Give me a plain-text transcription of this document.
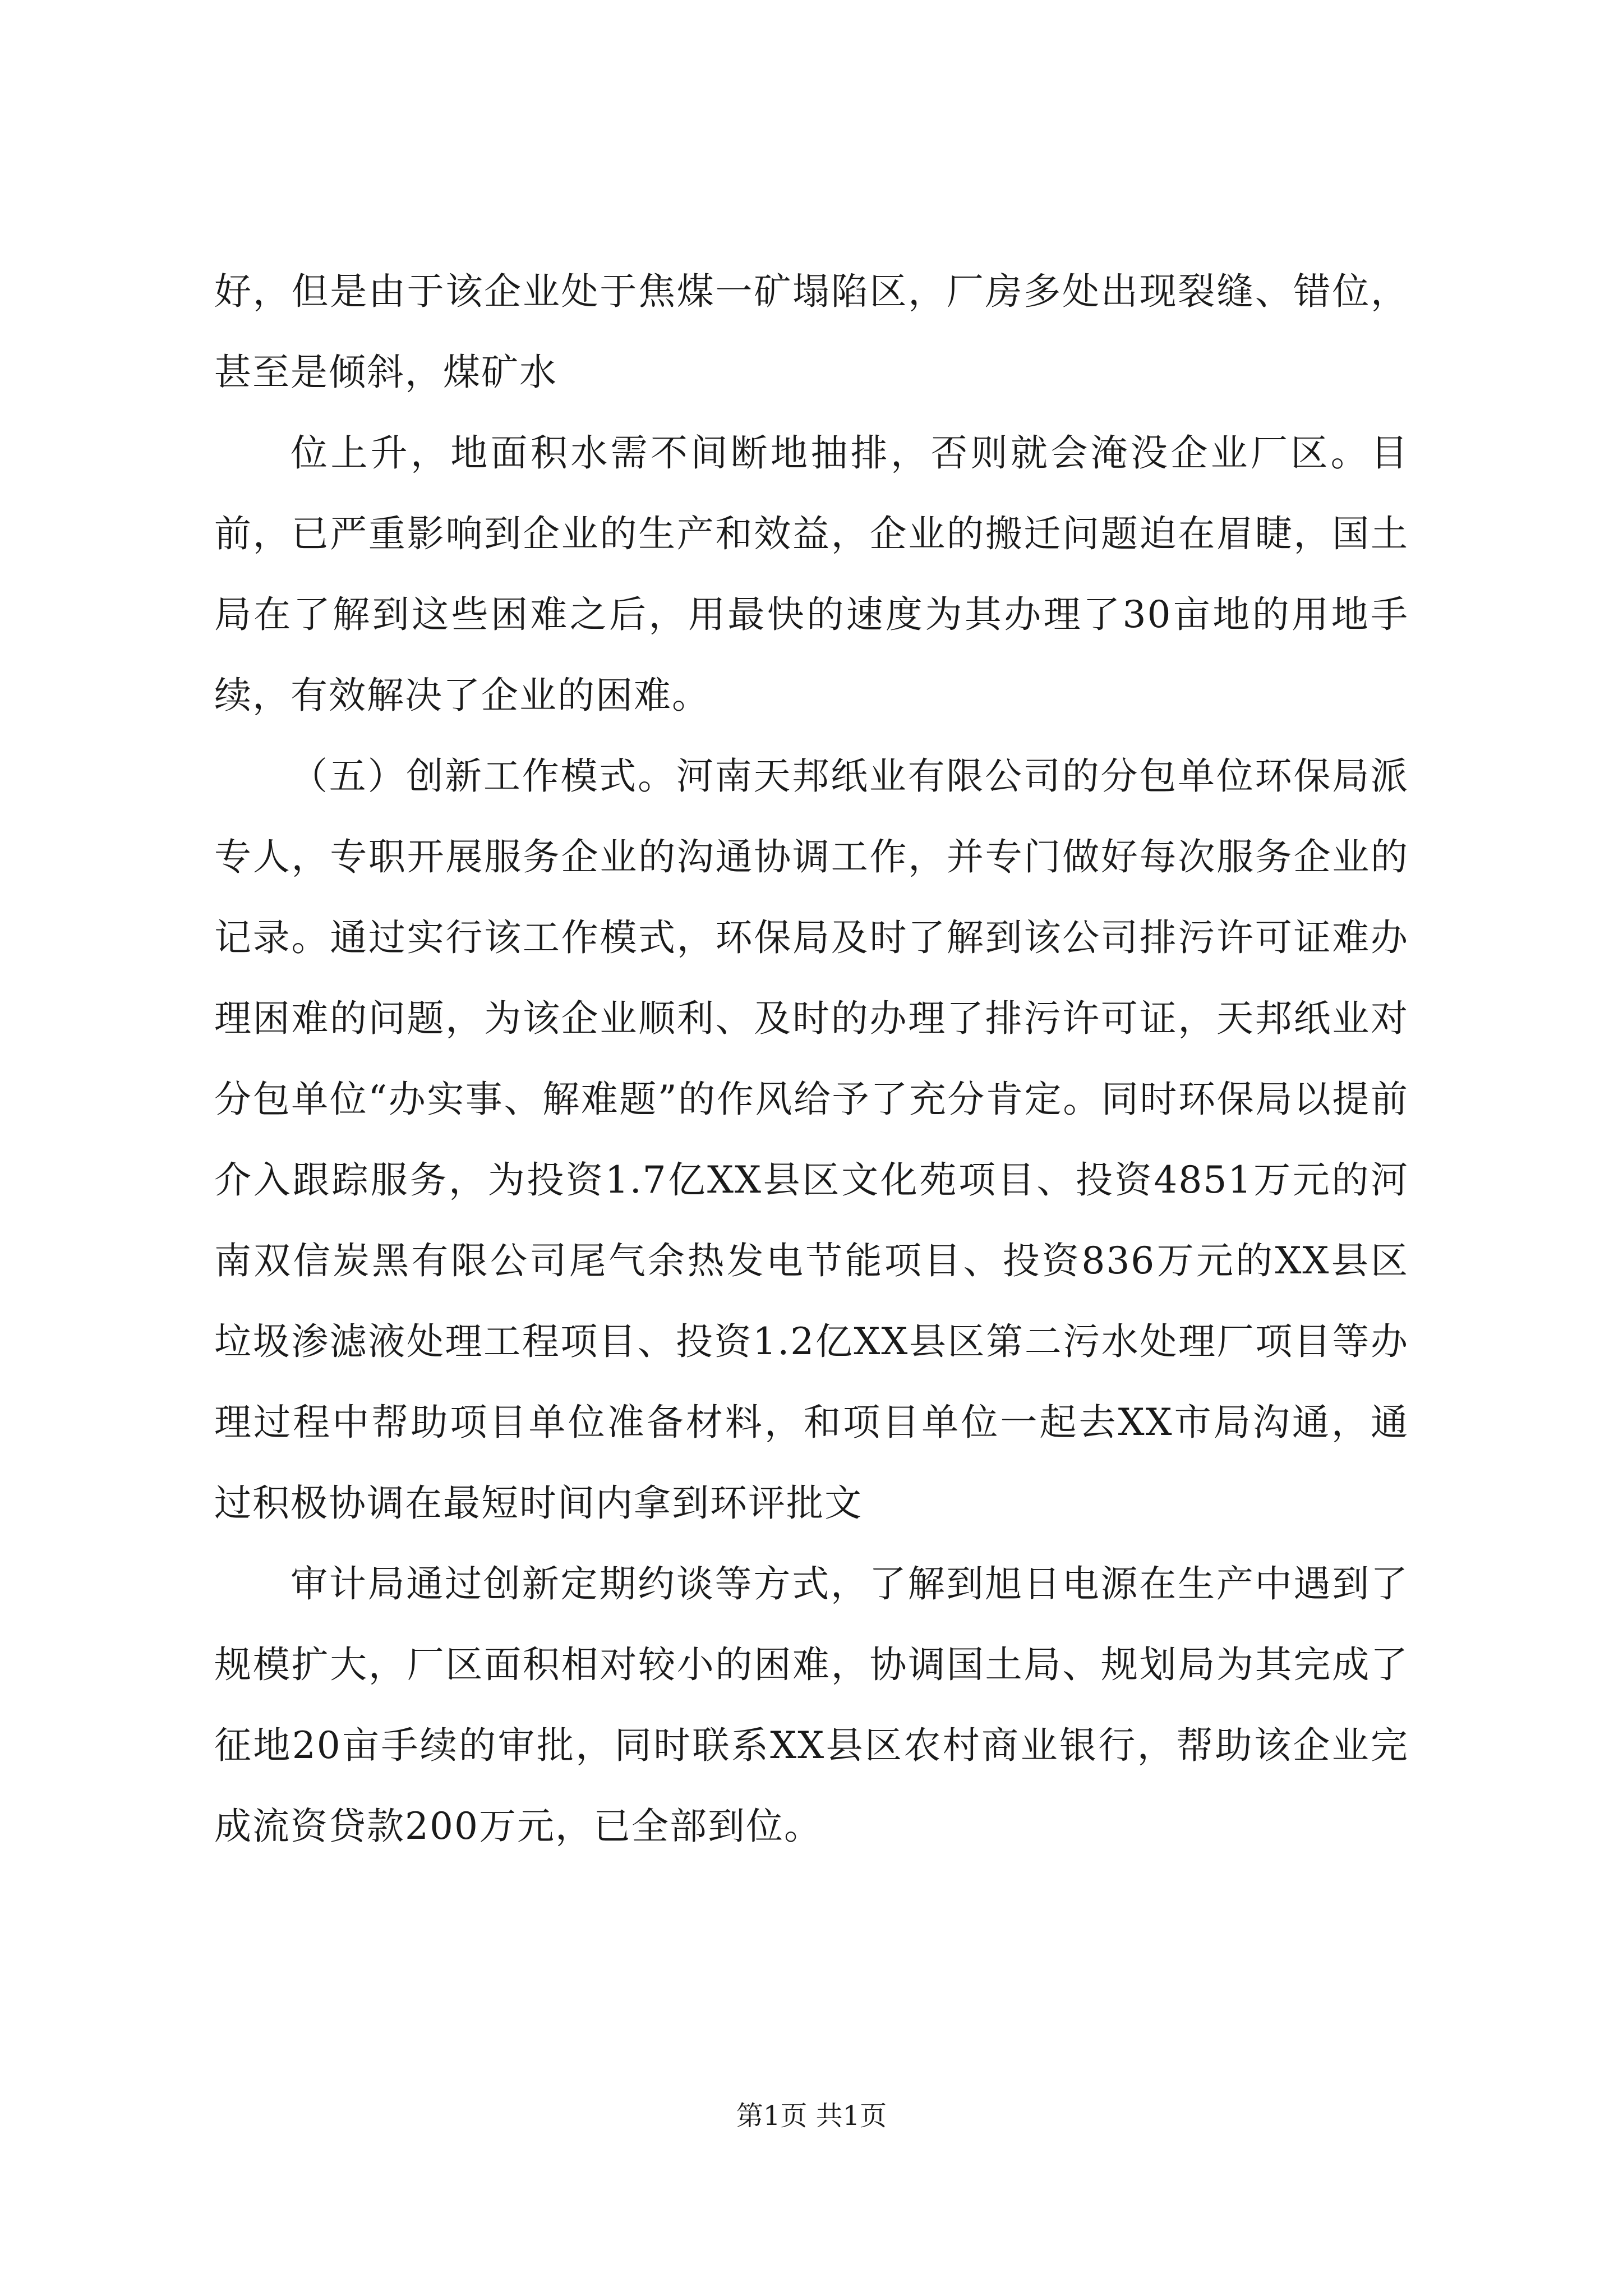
好，但是由于该企业处于焦煤一矿塌陷区，厂房多处出现裂缝、错位，甚至是倾斜，煤矿水

位上升，地面积水需不间断地抽排，否则就会淹没企业厂区。目前，已严重影响到企业的生产和效益，企业的搬迁问题迫在眉睫，国土局在了解到这些困难之后，用最快的速度为其办理了30亩地的用地手续，有效解决了企业的困难。

（五）创新工作模式。河南天邦纸业有限公司的分包单位环保局派专人，专职开展服务企业的沟通协调工作，并专门做好每次服务企业的记录。通过实行该工作模式，环保局及时了解到该公司排污许可证难办理困难的问题，为该企业顺利、及时的办理了排污许可证，天邦纸业对分包单位“办实事、解难题”的作风给予了充分肯定。同时环保局以提前介入跟踪服务，为投资1.7亿XX县区文化苑项目、投资4851万元的河南双信炭黑有限公司尾气余热发电节能项目、投资836万元的XX县区垃圾渗滤液处理工程项目、投资1.2亿XX县区第二污水处理厂项目等办理过程中帮助项目单位准备材料，和项目单位一起去XX市局沟通，通过积极协调在最短时间内拿到环评批文

审计局通过创新定期约谈等方式，了解到旭日电源在生产中遇到了规模扩大，厂区面积相对较小的困难，协调国土局、规划局为其完成了征地20亩手续的审批，同时联系XX县区农村商业银行，帮助该企业完成流资贷款200万元，已全部到位。

第1页 共1页
